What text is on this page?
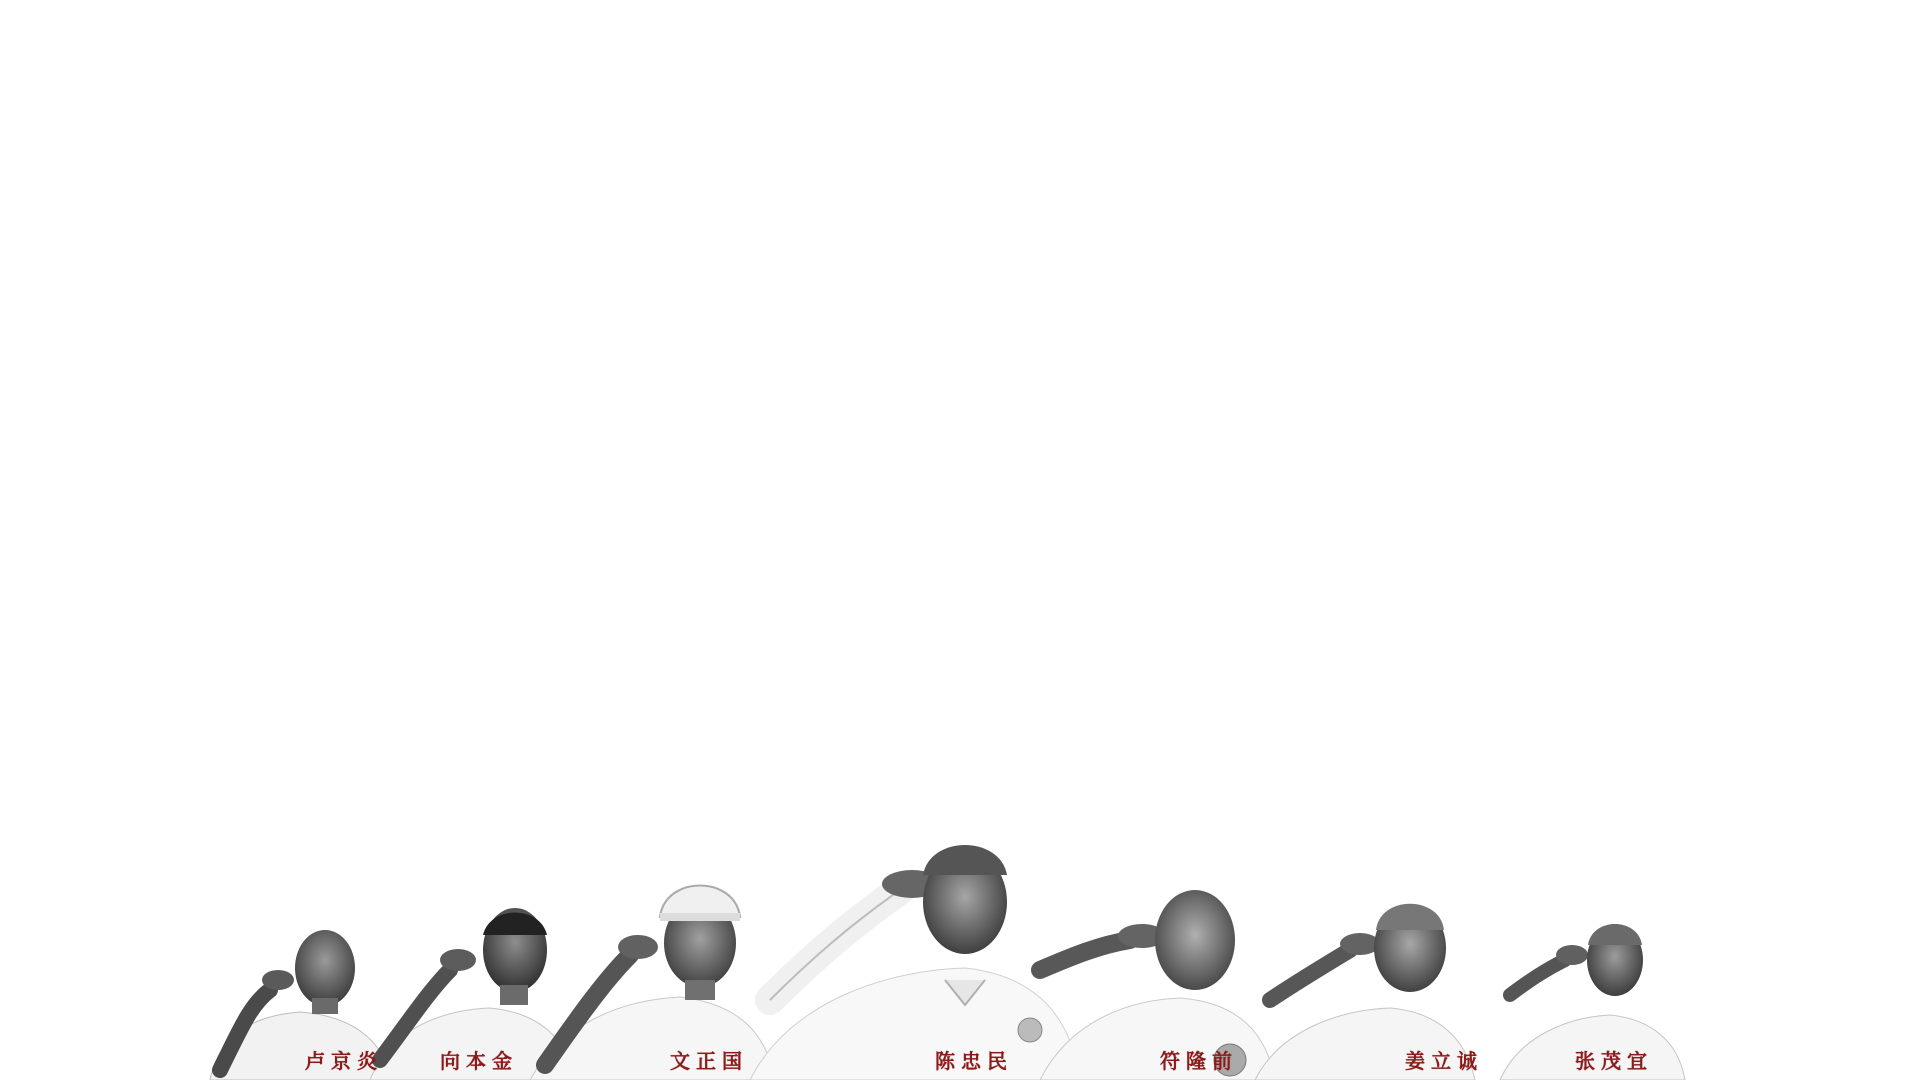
卢京炎	向本金	文正国	陈忠民	符隆前	姜立诚	张茂宜
